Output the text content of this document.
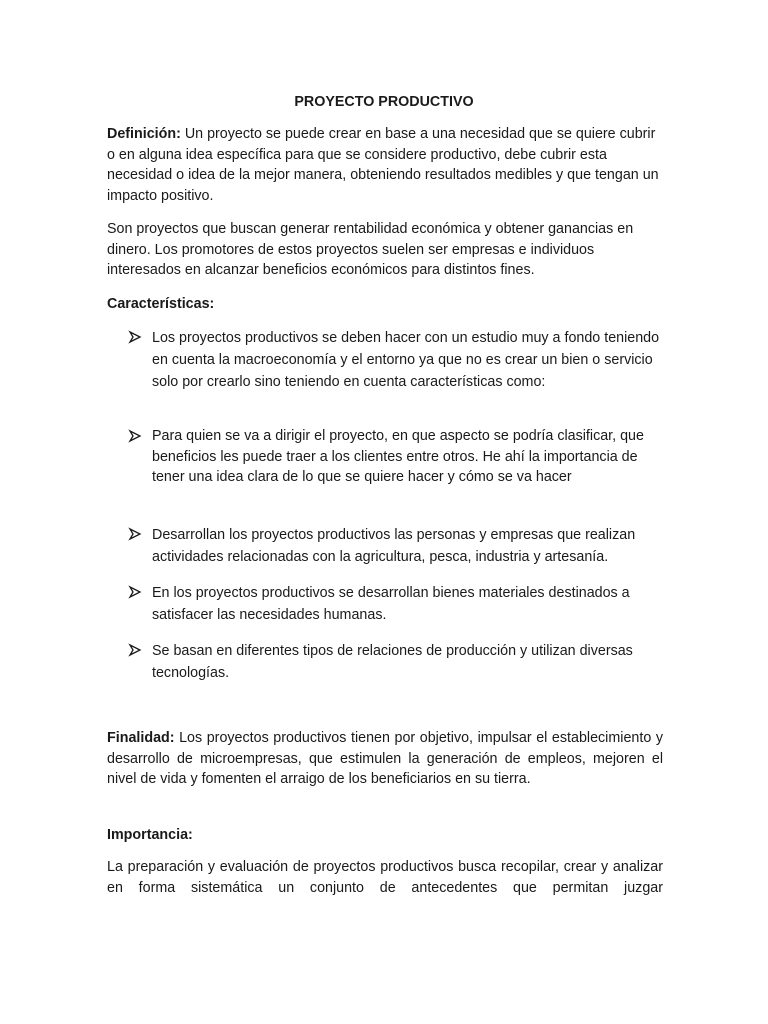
PROYECTO PRODUCTIVO

Definición: Un proyecto se puede crear en base a una necesidad que se quiere cubrir o en alguna idea específica para que se considere productivo, debe cubrir esta necesidad o idea de la mejor manera, obteniendo resultados medibles y que tengan un impacto positivo.

Son proyectos que buscan generar rentabilidad económica y obtener ganancias en dinero. Los promotores de estos proyectos suelen ser empresas e individuos interesados en alcanzar beneficios económicos para distintos fines.

Características:

Los proyectos productivos se deben hacer con un estudio muy a fondo teniendo en cuenta la macroeconomía y el entorno ya que no es crear un bien o servicio solo por crearlo sino teniendo en cuenta características como:
Para quien se va a dirigir el proyecto, en que aspecto se podría clasificar, que beneficios les puede traer a los clientes entre otros. He ahí la importancia de tener una idea clara de lo que se quiere hacer y cómo se va hacer
Desarrollan los proyectos productivos las personas y empresas que realizan actividades relacionadas con la agricultura, pesca, industria y artesanía.
En los proyectos productivos se desarrollan bienes materiales destinados a satisfacer las necesidades humanas.
Se basan en diferentes tipos de relaciones de producción y utilizan diversas tecnologías.

Finalidad: Los proyectos productivos tienen por objetivo, impulsar el establecimiento y desarrollo de microempresas, que estimulen la generación de empleos, mejoren el nivel de vida y fomenten el arraigo de los beneficiarios en su tierra.

Importancia:

La preparación y evaluación de proyectos productivos busca recopilar, crear y analizar en forma sistemática un conjunto de antecedentes que permitan juzgar
